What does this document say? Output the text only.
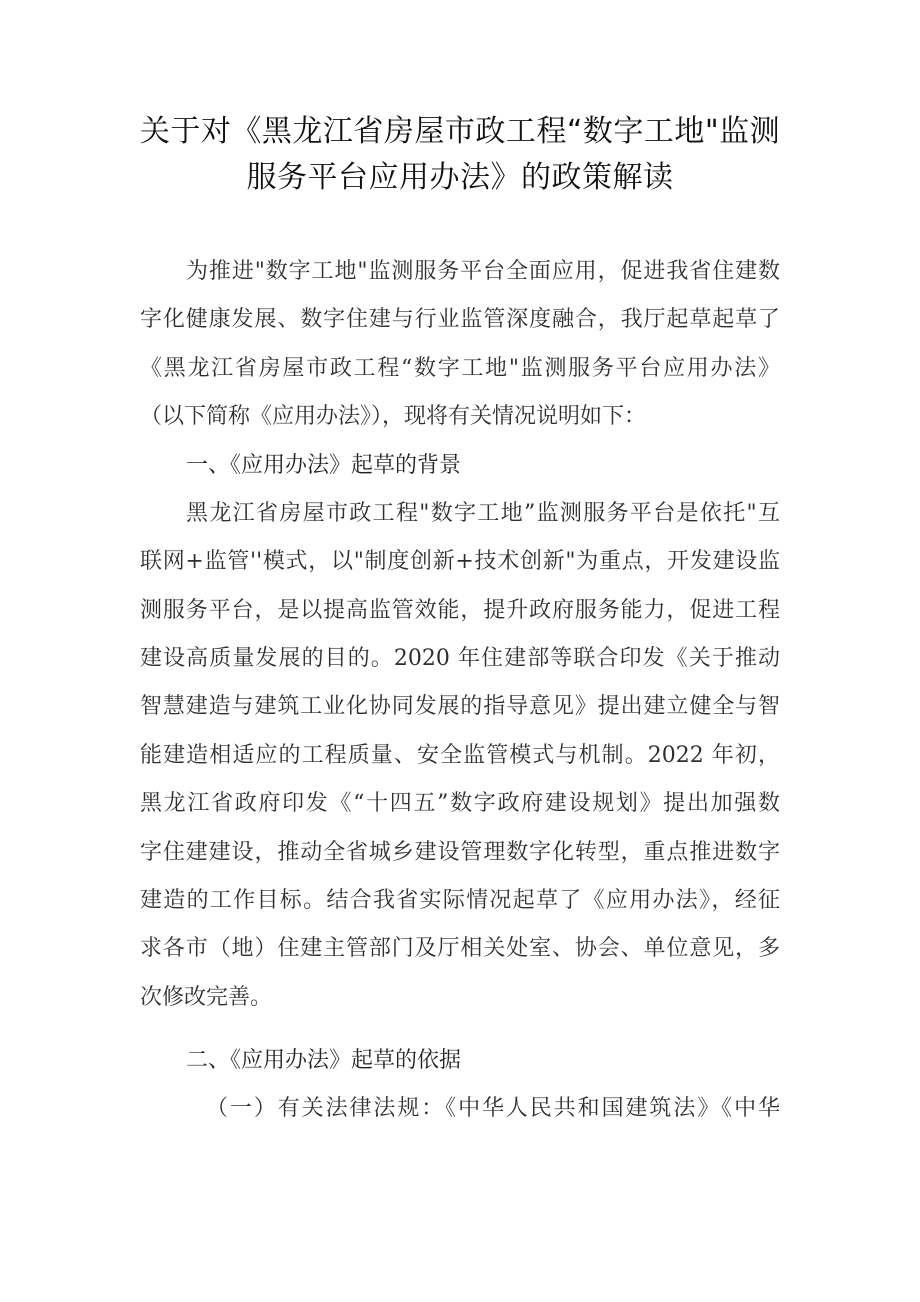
关于对《黑龙江省房屋市政工程“数字工地"监测
服务平台应用办法》的政策解读
为推进"数字工地"监测服务平台全面应用，促进我省住建数
字化健康发展、数字住建与行业监管深度融合，我厅起草起草了
《黑龙江省房屋市政工程“数字工地"监测服务平台应用办法》
（以下简称《应用办法》），现将有关情况说明如下：
一、《应用办法》起草的背景
黑龙江省房屋市政工程"数字工地”监测服务平台是依托"互
联网+监管''模式，以"制度创新+技术创新"为重点，开发建设监
测服务平台，是以提高监管效能，提升政府服务能力，促进工程
建设高质量发展的目的。2020 年住建部等联合印发《关于推动
智慧建造与建筑工业化协同发展的指导意见》提出建立健全与智
能建造相适应的工程质量、安全监管模式与机制。2022 年初，
黑龙江省政府印发《“十四五”数字政府建设规划》提出加强数
字住建建设，推动全省城乡建设管理数字化转型，重点推进数字
建造的工作目标。结合我省实际情况起草了《应用办法》，经征
求各市（地）住建主管部门及厅相关处室、协会、单位意见，多
次修改完善。
二、《应用办法》起草的依据
（一）有关法律法规：《中华人民共和国建筑法》《中华
